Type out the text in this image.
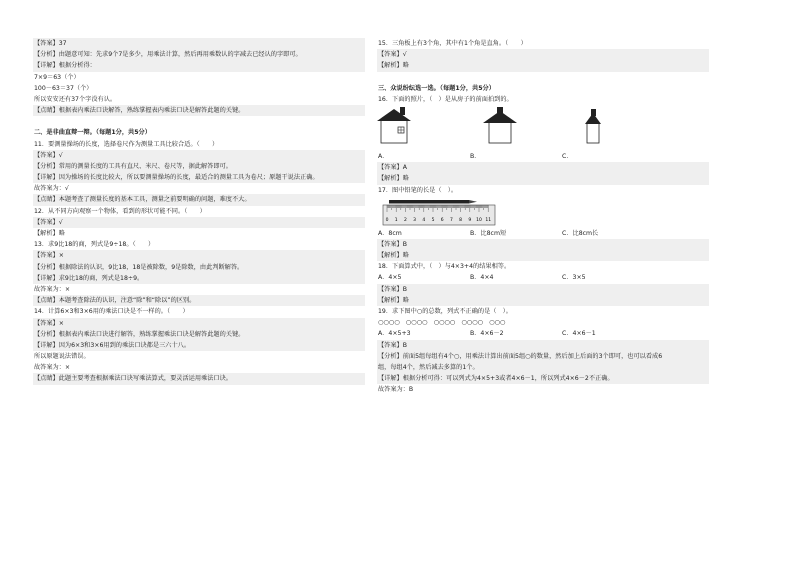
【答案】37
【分析】由题意可知：先求9个7是多少，用乘法计算，然后再用乘数认的字减去已经认的字即可。
【详解】根据分析得：
7×9＝63（个）
100－63＝37（个）
所以安安还有37个字没有认。
【点睛】根据表内乘法口诀解答，熟练掌握表内乘法口诀是解答此题的关键。
二、是非曲直辩一辩。（每题1分，共5分）
11．要测量操场的长度，选择卷尺作为测量工具比较合适。（　　）
【答案】√
【分析】常用的测量长度的工具有直尺、米尺、卷尺等，据此解答即可。
【详解】因为操场的长度比较大，所以要测量操场的长度，最适合的测量工具为卷尺；原题干说法正确。
故答案为：√
【点睛】本题考查了测量长度的基本工具，测量之前要明确的问题，难度不大。
12．从不同方向观察一个物体，看到的形状可能不同。（　　）
【答案】√
【解析】略
13．求9比18的商，列式是9÷18。（　　）
【答案】×
【分析】根据除法的认识，9比18，18是被除数，9是除数，由此判断解答。
【详解】求9比18的商，列式是18÷9。
故答案为：×
【点睛】本题考查除法的认识，注意“除”和“除以”的区别。
14．计算6×3和3×6用的乘法口诀是不一样的。（　　）
【答案】×
【分析】根据表内乘法口诀进行解答，熟练掌握乘法口诀是解答此题的关键。
【详解】因为6×3和3×6用到的乘法口诀都是三六十八。
所以原题说法错误。
故答案为：×
【点睛】此题主要考查根据乘法口诀写乘法算式，要灵活运用乘法口诀。
15．三角板上有3个角，其中有1个角是直角。（　　）
【答案】√
【解析】略
三、众说纷纭选一选。（每题1分，共5分）
16．下面的照片，（　）是从房子的前面拍到的。
A．	B．	C．
【答案】A
【解析】略
17．图中铅笔的长是（　）。
0 1 2 3 4 5 6 7 8 9 10 11
A．8cm	B．比8cm短	C．比8cm长
【答案】B
【解析】略
18．下面算式中，（　）与4×3+4的结果相等。
A．4×5	B．4×4	C．3×5
【答案】B
【解析】略
19．求下图中○的总数，列式不正确的是（　）。
○○○○　○○○○　○○○○　○○○○　○○○
A．4×5+3	B．4×6－2	C．4×6－1
【答案】B
【分析】前面5组每组有4个○，用乘法计算出前面5组○的数量，然后加上后面的3个即可，也可以看成6
组，每组4个，然后减去多算的1个。
【详解】根据分析可得：可以列式为4×5+3或者4×6－1，所以列式4×6－2不正确。
故答案为：B
